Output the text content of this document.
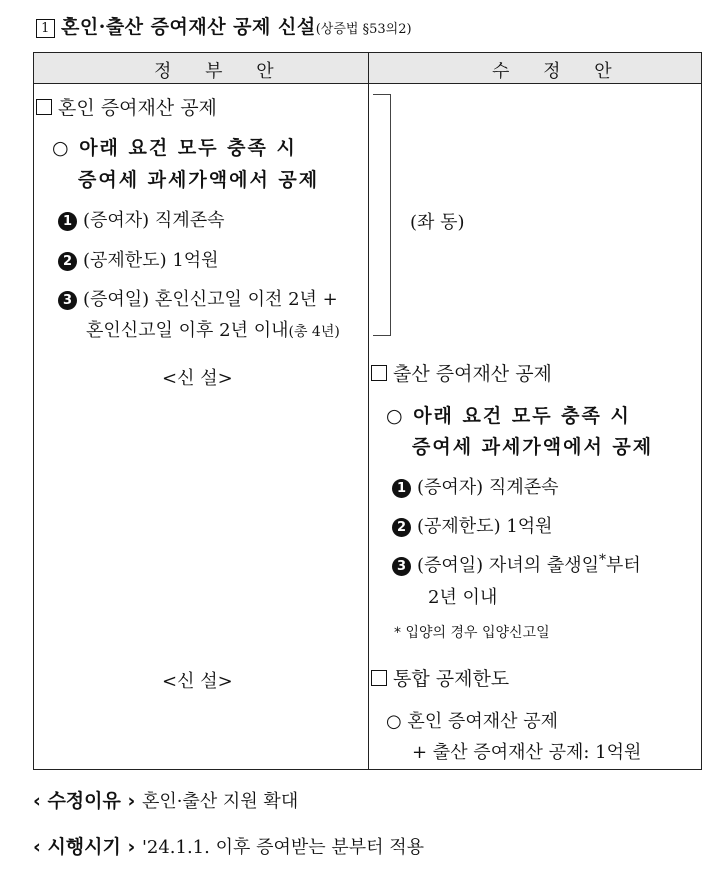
1 혼인·출산 증여재산 공제 신설(상증법 §53의2)
정 부 안	수 정 안
혼인 증여재산 공제
○ 아래 요건 모두 충족 시
증여세 과세가액에서 공제
1 (증여자) 직계존속
2 (공제한도) 1억원
3 (증여일) 혼인신고일 이전 2년 +
혼인신고일 이후 2년 이내(총 4년)
<신 설>
<신 설>
(좌 동)
출산 증여재산 공제
○ 아래 요건 모두 충족 시
증여세 과세가액에서 공제
1 (증여자) 직계존속
2 (공제한도) 1억원
3 (증여일) 자녀의 출생일*부터
2년 이내
* 입양의 경우 입양신고일
통합 공제한도
○ 혼인 증여재산 공제
+ 출산 증여재산 공제: 1억원
‹ 수정이유 › 혼인·출산 지원 확대
‹ 시행시기 › '24.1.1. 이후 증여받는 분부터 적용
